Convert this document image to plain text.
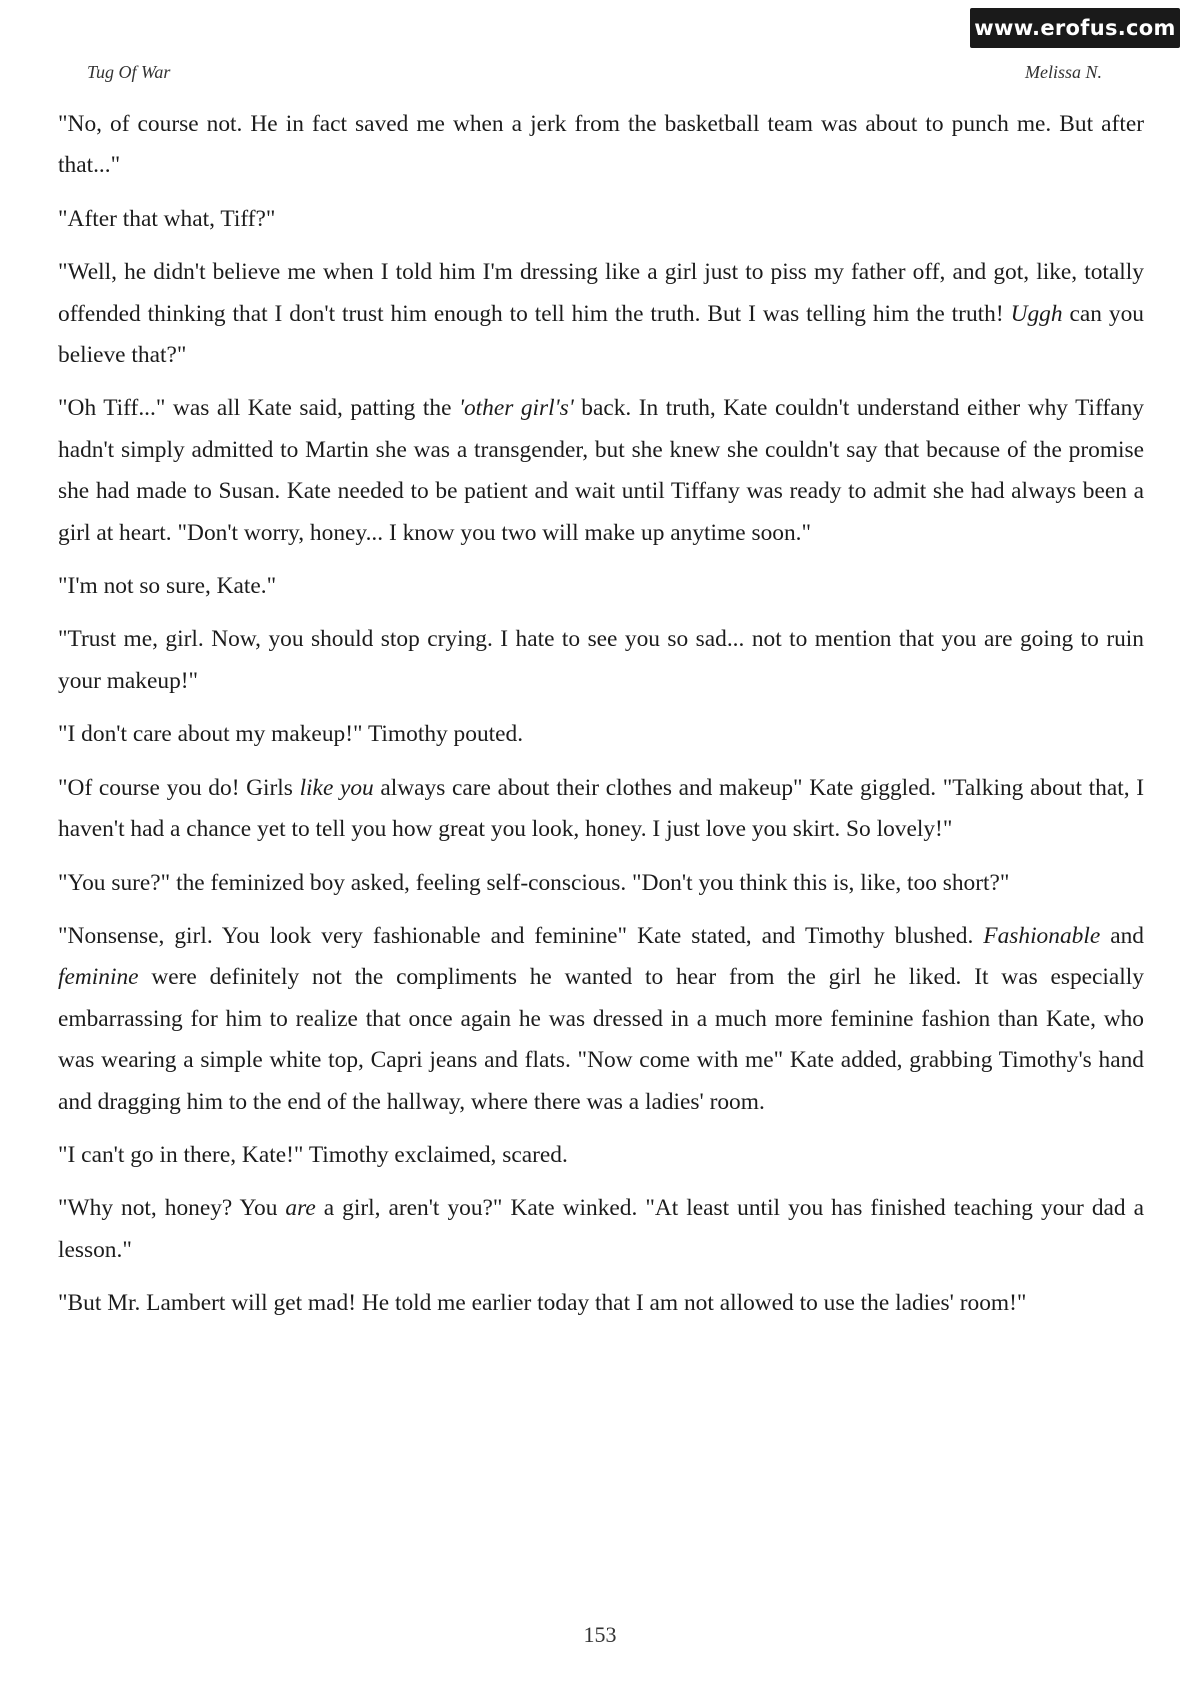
www.erofus.com
Tug Of War	Melissa N.

"No, of course not. He in fact saved me when a jerk from the basketball team was about to punch me. But after that..."

"After that what, Tiff?"

"Well, he didn't believe me when I told him I'm dressing like a girl just to piss my father off, and got, like, totally offended thinking that I don't trust him enough to tell him the truth. But I was telling him the truth! Uggh can you believe that?"

"Oh Tiff..." was all Kate said, patting the 'other girl's' back. In truth, Kate couldn't understand either why Tiffany hadn't simply admitted to Martin she was a transgender, but she knew she couldn't say that because of the promise she had made to Susan. Kate needed to be patient and wait until Tiffany was ready to admit she had always been a girl at heart. "Don't worry, honey... I know you two will make up anytime soon."

"I'm not so sure, Kate."

"Trust me, girl. Now, you should stop crying. I hate to see you so sad... not to mention that you are going to ruin your makeup!"

"I don't care about my makeup!" Timothy pouted.

"Of course you do! Girls like you always care about their clothes and makeup" Kate giggled. "Talking about that, I haven't had a chance yet to tell you how great you look, honey. I just love you skirt. So lovely!"

"You sure?" the feminized boy asked, feeling self-conscious. "Don't you think this is, like, too short?"

"Nonsense, girl. You look very fashionable and feminine" Kate stated, and Timothy blushed. Fashionable and feminine were definitely not the compliments he wanted to hear from the girl he liked. It was especially embarrassing for him to realize that once again he was dressed in a much more feminine fashion than Kate, who was wearing a simple white top, Capri jeans and flats. "Now come with me" Kate added, grabbing Timothy's hand and dragging him to the end of the hallway, where there was a ladies' room.

"I can't go in there, Kate!" Timothy exclaimed, scared.

"Why not, honey? You are a girl, aren't you?" Kate winked. "At least until you has finished teaching your dad a lesson."

"But Mr. Lambert will get mad! He told me earlier today that I am not allowed to use the ladies' room!"

153
